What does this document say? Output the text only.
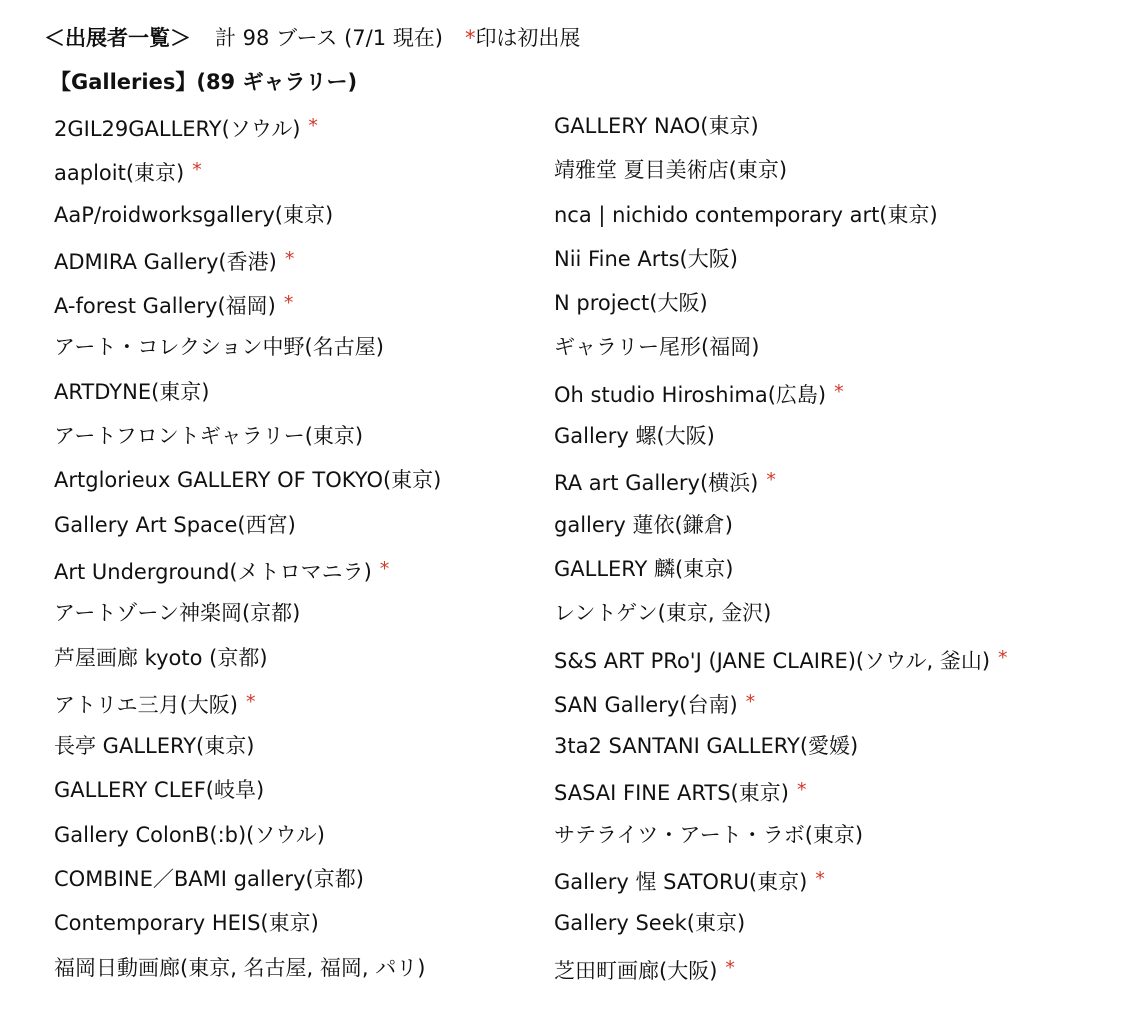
＜出展者一覧＞ 計 98 ブース (7/1 現在) *印は初出展
【Galleries】(89 ギャラリー)
2GIL29GALLERY(ソウル) *
aaploit(東京) *
AaP/roidworksgallery(東京)
ADMIRA Gallery(香港) *
A-forest Gallery(福岡) *
アート・コレクション中野(名古屋)
ARTDYNE(東京)
アートフロントギャラリー(東京)
Artglorieux GALLERY OF TOKYO(東京)
Gallery Art Space(西宮)
Art Underground(メトロマニラ) *
アートゾーン神楽岡(京都)
芦屋画廊 kyoto (京都)
アトリエ三月(大阪) *
長亭 GALLERY(東京)
GALLERY CLEF(岐阜)
Gallery ColonB(:b)(ソウル)
COMBINE／BAMI gallery(京都)
Contemporary HEIS(東京)
福岡日動画廊(東京, 名古屋, 福岡, パリ)
GALLERY NAO(東京)
靖雅堂 夏目美術店(東京)
nca | nichido contemporary art(東京)
Nii Fine Arts(大阪)
N project(大阪)
ギャラリー尾形(福岡)
Oh studio Hiroshima(広島) *
Gallery 螺(大阪)
RA art Gallery(横浜) *
gallery 蓮依(鎌倉)
GALLERY 麟(東京)
レントゲン(東京, 金沢)
S&S ART PRo'J (JANE CLAIRE)(ソウル, 釜山) *
SAN Gallery(台南) *
3ta2 SANTANI GALLERY(愛媛)
SASAI FINE ARTS(東京) *
サテライツ・アート・ラボ(東京)
Gallery 惺 SATORU(東京) *
Gallery Seek(東京)
芝田町画廊(大阪) *
